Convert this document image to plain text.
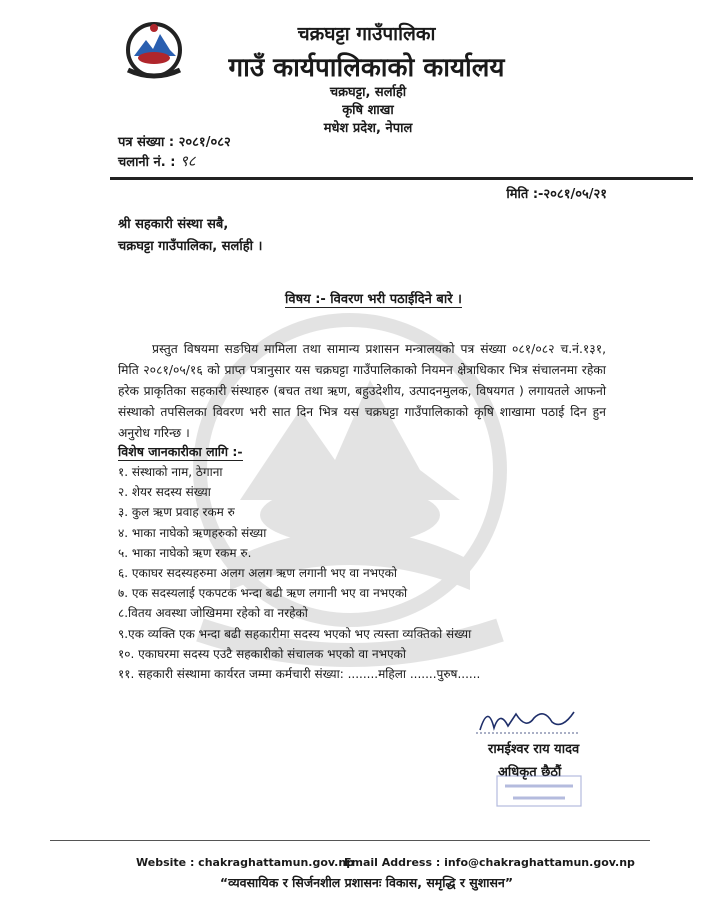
चक्रघट्टा गाउँपालिका
गाउँ कार्यपालिकाको कार्यालय
चक्रघट्टा, सर्लाही
कृषि शाखा
मधेश प्रदेश, नेपाल
पत्र संख्या : २०८१/०८२
चलानी नं. : ९८
मिति :-२०८१/०५/२१
श्री सहकारी संस्था सबै,
चक्रघट्टा गाउँपालिका, सर्लाही ।
विषय :- विवरण भरी पठाईदिने बारे ।
प्रस्तुत विषयमा सङघिय मामिला तथा सामान्य प्रशासन मन्त्रालयको पत्र संख्या ०८१/०८२ च.नं.१३१, मिति २०८१/०५/१६ को प्राप्त पत्रानुसार यस चक्रघट्टा गाउँपालिकाको नियमन क्षेत्राधिकार भित्र संचालनमा रहेका हरेक प्राकृतिका सहकारी संस्थाहरु (बचत तथा ऋण, बहुउदेशीय, उत्पादनमुलक, विषयगत ) लगायतले आफनो संस्थाको तपसिलका विवरण भरी सात दिन भित्र यस चक्रघट्टा गाउँपालिकाको कृषि शाखामा पठाई दिन हुन अनुरोध गरिन्छ ।
विशेष जानकारीका लागि :-
१. संस्थाको नाम, ठेगाना
२. शेयर सदस्य संख्या
३. कुल ऋण प्रवाह रकम रु
४. भाका नाघेको ऋणहरुको संख्या
५. भाका नाघेको ऋण रकम रु.
६. एकाघर सदस्यहरुमा अलग अलग ऋण लगानी भए वा नभएको
७. एक सदस्यलाई एकपटक भन्दा बढी ऋण लगानी भए वा नभएको
८.वितय अवस्था जोखिममा रहेको वा नरहेको
९.एक व्यक्ति एक भन्दा बढी सहकारीमा सदस्य भएको भए त्यस्ता व्यक्तिको संख्या
१०. एकाघरमा सदस्य एउटै सहकारीको संचालक भएको वा नभएको
११. सहकारी संस्थामा कार्यरत जम्मा कर्मचारी संख्या: ........महिला .......पुरुष......
रामईश्वर राय यादव
अधिकृत छैठौं
Website : chakraghattamun.gov.np
Email Address : info@chakraghattamun.gov.np
“व्यवसायिक र सिर्जनशील प्रशासनः विकास, समृद्धि र सुशासन”
